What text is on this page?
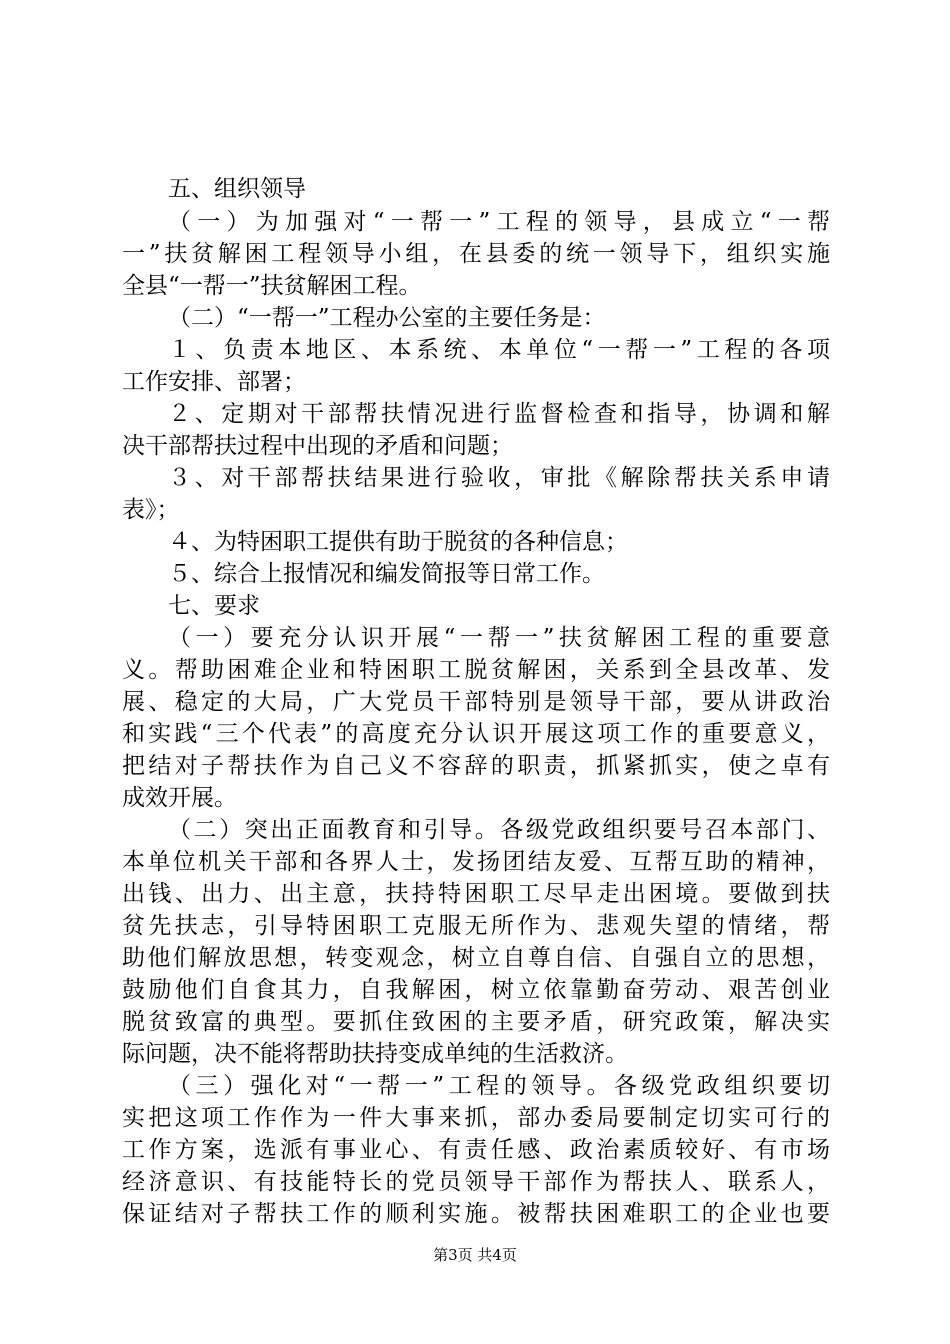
五、组织领导
（一）为加强对“一帮一”工程的领导，县成立“一帮
一”扶贫解困工程领导小组，在县委的统一领导下，组织实施
全县“一帮一”扶贫解困工程。
（二）“一帮一”工程办公室的主要任务是：
１、负责本地区、本系统、本单位“一帮一”工程的各项
工作安排、部署；
２、定期对干部帮扶情况进行监督检查和指导，协调和解
决干部帮扶过程中出现的矛盾和问题；
３、对干部帮扶结果进行验收，审批《解除帮扶关系申请
表》；
４、为特困职工提供有助于脱贫的各种信息；
５、综合上报情况和编发简报等日常工作。
七、要求
（一）要充分认识开展“一帮一”扶贫解困工程的重要意
义。帮助困难企业和特困职工脱贫解困，关系到全县改革、发
展、稳定的大局，广大党员干部特别是领导干部，要从讲政治
和实践“三个代表”的高度充分认识开展这项工作的重要意义，
把结对子帮扶作为自己义不容辞的职责，抓紧抓实，使之卓有
成效开展。
（二）突出正面教育和引导。各级党政组织要号召本部门、
本单位机关干部和各界人士，发扬团结友爱、互帮互助的精神，
出钱、出力、出主意，扶持特困职工尽早走出困境。要做到扶
贫先扶志，引导特困职工克服无所作为、悲观失望的情绪，帮
助他们解放思想，转变观念，树立自尊自信、自强自立的思想，
鼓励他们自食其力，自我解困，树立依靠勤奋劳动、艰苦创业
脱贫致富的典型。要抓住致困的主要矛盾，研究政策，解决实
际问题，决不能将帮助扶持变成单纯的生活救济。
（三）强化对“一帮一”工程的领导。各级党政组织要切
实把这项工作作为一件大事来抓，部办委局要制定切实可行的
工作方案，选派有事业心、有责任感、政治素质较好、有市场
经济意识、有技能特长的党员领导干部作为帮扶人、联系人，
保证结对子帮扶工作的顺利实施。被帮扶困难职工的企业也要
第3页 共4页
